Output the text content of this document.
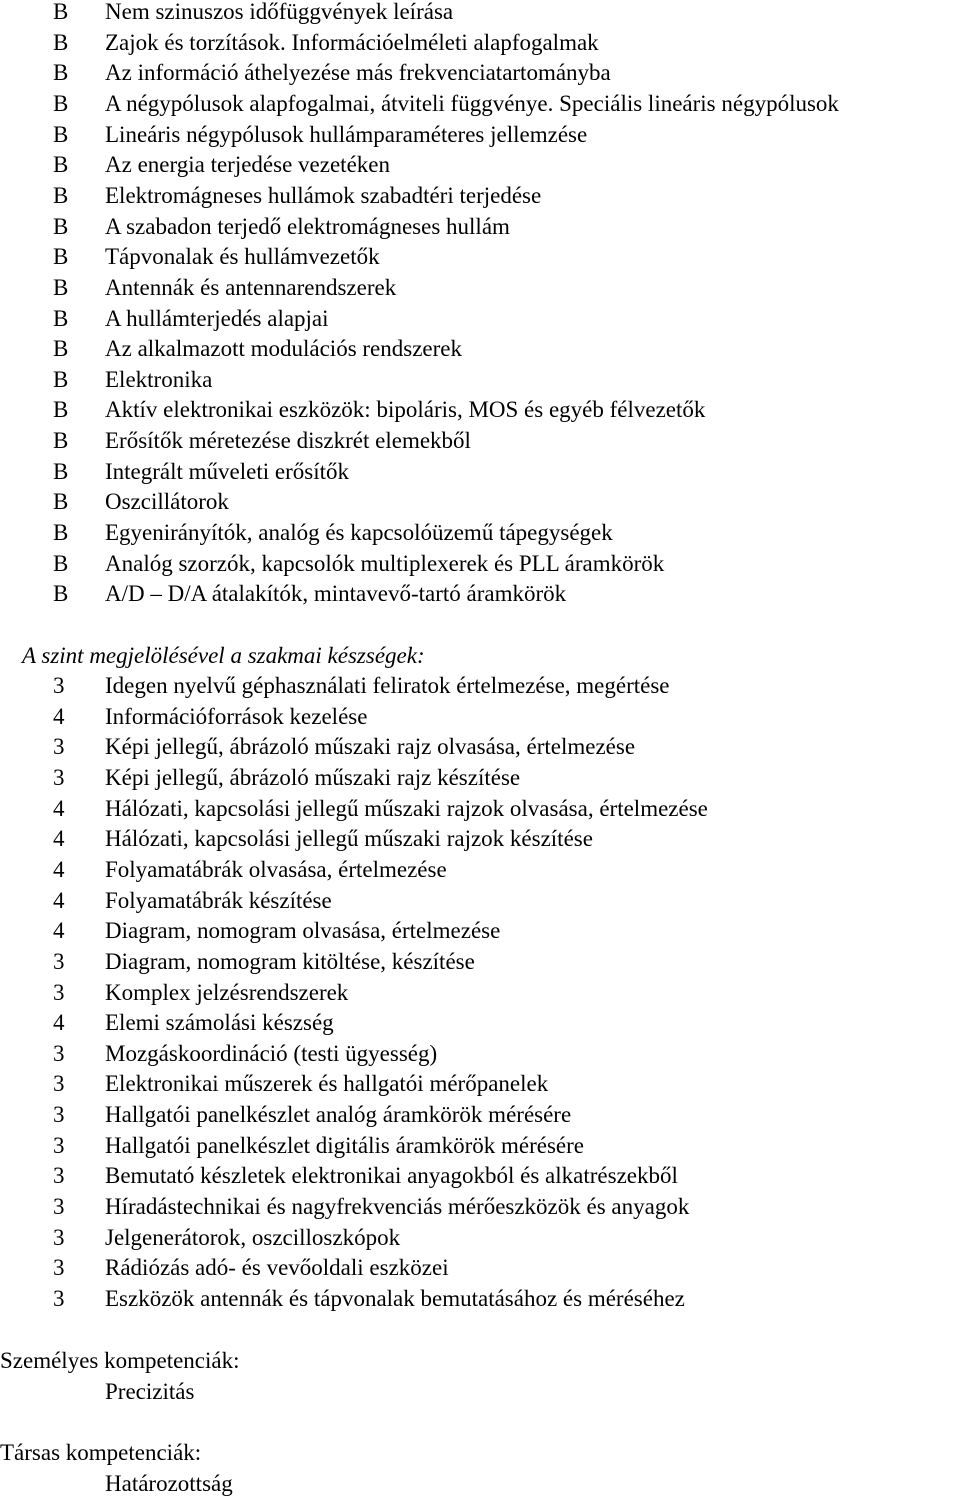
B Nem szinuszos időfüggvények leírása
B Zajok és torzítások. Információelméleti alapfogalmak
B Az információ áthelyezése más frekvenciatartományba
B A négypólusok alapfogalmai, átviteli függvénye. Speciális lineáris négypólusok
B Lineáris négypólusok hullámparaméteres jellemzése
B Az energia terjedése vezetéken
B Elektromágneses hullámok szabadtéri terjedése
B A szabadon terjedő elektromágneses hullám
B Tápvonalak és hullámvezetők
B Antennák és antennarendszerek
B A hullámterjedés alapjai
B Az alkalmazott modulációs rendszerek
B Elektronika
B Aktív elektronikai eszközök: bipoláris, MOS és egyéb félvezetők
B Erősítők méretezése diszkrét elemekből
B Integrált műveleti erősítők
B Oszcillátorok
B Egyenirányítók, analóg és kapcsolóüzemű tápegységek
B Analóg szorzók, kapcsolók multiplexerek és PLL áramkörök
B A/D – D/A átalakítók, mintavevő-tartó áramkörök
A szint megjelölésével a szakmai készségek:
3 Idegen nyelvű géphasználati feliratok értelmezése, megértése
4 Információforrások kezelése
3 Képi jellegű, ábrázoló műszaki rajz olvasása, értelmezése
3 Képi jellegű, ábrázoló műszaki rajz készítése
4 Hálózati, kapcsolási jellegű műszaki rajzok olvasása, értelmezése
4 Hálózati, kapcsolási jellegű műszaki rajzok készítése
4 Folyamatábrák olvasása, értelmezése
4 Folyamatábrák készítése
4 Diagram, nomogram olvasása, értelmezése
3 Diagram, nomogram kitöltése, készítése
3 Komplex jelzésrendszerek
4 Elemi számolási készség
3 Mozgáskoordináció (testi ügyesség)
3 Elektronikai műszerek és hallgatói mérőpanelek
3 Hallgatói panelkészlet analóg áramkörök mérésére
3 Hallgatói panelkészlet digitális áramkörök mérésére
3 Bemutató készletek elektronikai anyagokból és alkatrészekből
3 Híradástechnikai és nagyfrekvenciás mérőeszközök és anyagok
3 Jelgenerátorok, oszcilloszkópok
3 Rádiózás adó- és vevőoldali eszközei
3 Eszközök antennák és tápvonalak bemutatásához és méréséhez
Személyes kompetenciák:
Precizitás
Társas kompetenciák:
Határozottság
